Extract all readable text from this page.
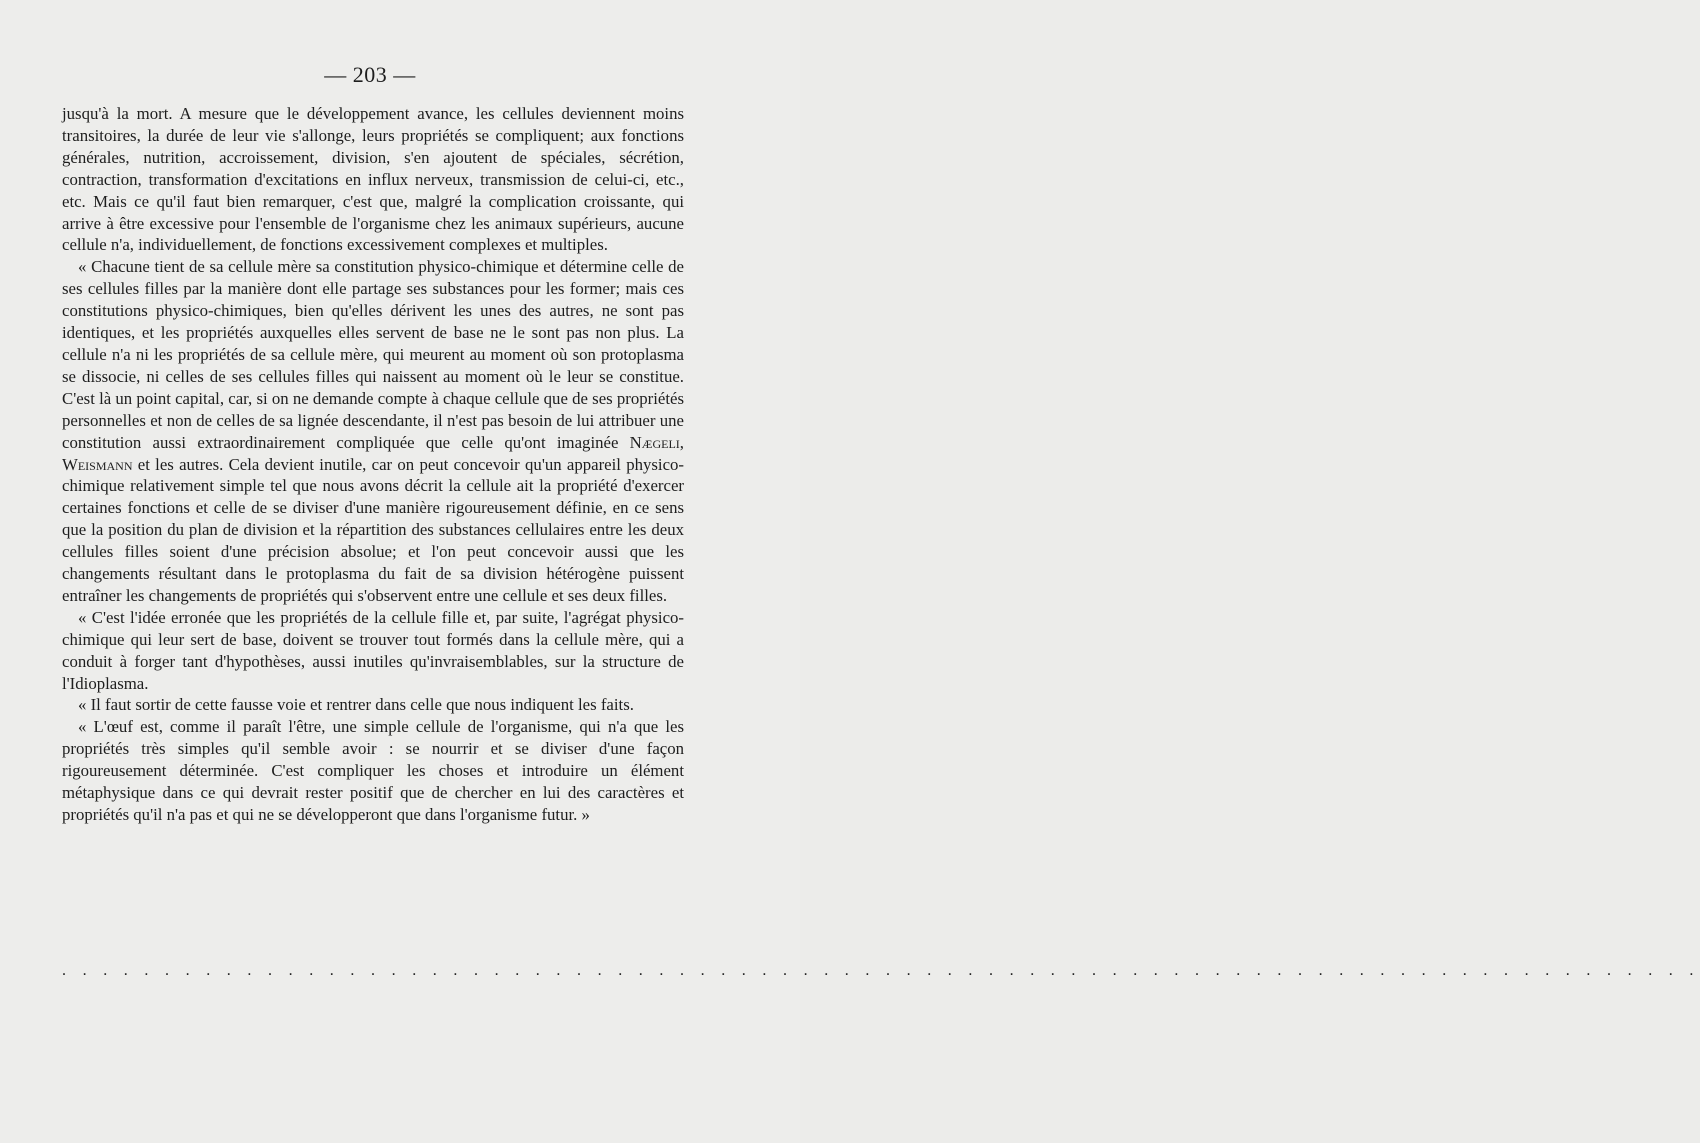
— 203 —

jusqu'à la mort. A mesure que le développement avance, les cellules deviennent moins transitoires, la durée de leur vie s'allonge, leurs propriétés se compliquent; aux fonctions générales, nutrition, accroissement, division, s'en ajoutent de spéciales, sécrétion, contraction, transformation d'excitations en influx nerveux, transmission de celui-ci, etc., etc. Mais ce qu'il faut bien remarquer, c'est que, malgré la complication croissante, qui arrive à être excessive pour l'ensemble de l'organisme chez les animaux supérieurs, aucune cellule n'a, individuellement, de fonctions excessivement complexes et multiples.

« Chacune tient de sa cellule mère sa constitution physico-chimique et détermine celle de ses cellules filles par la manière dont elle partage ses substances pour les former; mais ces constitutions physico-chimiques, bien qu'elles dérivent les unes des autres, ne sont pas identiques, et les propriétés auxquelles elles servent de base ne le sont pas non plus. La cellule n'a ni les propriétés de sa cellule mère, qui meurent au moment où son protoplasma se dissocie, ni celles de ses cellules filles qui naissent au moment où le leur se constitue. C'est là un point capital, car, si on ne demande compte à chaque cellule que de ses propriétés personnelles et non de celles de sa lignée descendante, il n'est pas besoin de lui attribuer une constitution aussi extraordinairement compliquée que celle qu'ont imaginée Nægeli, Weismann et les autres. Cela devient inutile, car on peut concevoir qu'un appareil physico-chimique relativement simple tel que nous avons décrit la cellule ait la propriété d'exercer certaines fonctions et celle de se diviser d'une manière rigoureusement définie, en ce sens que la position du plan de division et la répartition des substances cellulaires entre les deux cellules filles soient d'une précision absolue; et l'on peut concevoir aussi que les changements résultant dans le protoplasma du fait de sa division hétérogène puissent entraîner les changements de propriétés qui s'observent entre une cellule et ses deux filles.

« C'est l'idée erronée que les propriétés de la cellule fille et, par suite, l'agrégat physico-chimique qui leur sert de base, doivent se trouver tout formés dans la cellule mère, qui a conduit à forger tant d'hypothèses, aussi inutiles qu'invraisemblables, sur la structure de l'Idioplasma.

« Il faut sortir de cette fausse voie et rentrer dans celle que nous indiquent les faits.

« L'œuf est, comme il paraît l'être, une simple cellule de l'organisme, qui n'a que les propriétés très simples qu'il semble avoir : se nourrir et se diviser d'une façon rigoureusement déterminée. C'est compliquer les choses et introduire un élément métaphysique dans ce qui devrait rester positif que de chercher en lui des caractères et propriétés qu'il n'a pas et qui ne se développeront que dans l'organisme futur. »

. . . . . . . . . . . . . . . . . . . . . . . . . . . . . . . . . . . . . . . . . . . . . . . . . . . . . . . . . . . . . . . . . . . . . . . . . . . . . . . .
